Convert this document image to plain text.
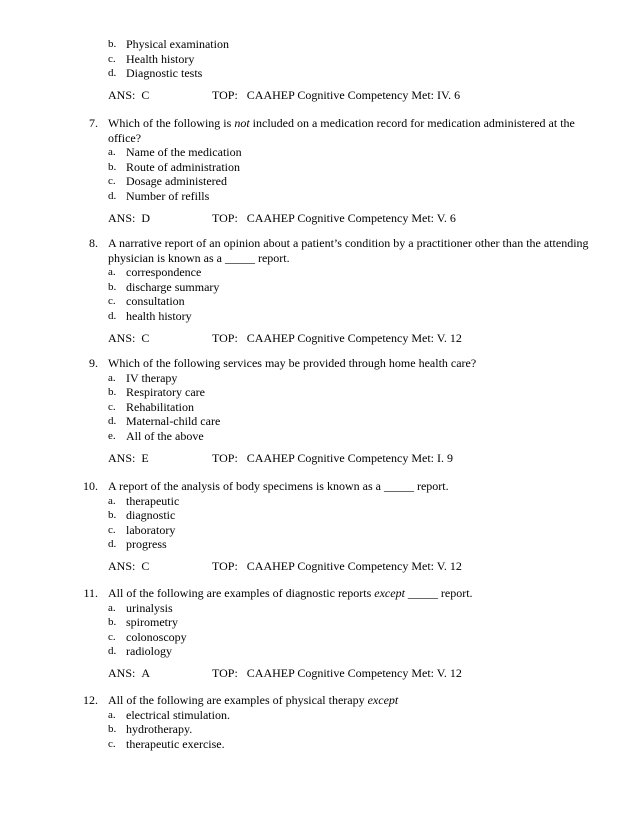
b. Physical examination
c. Health history
d. Diagnostic tests
ANS:  C	TOP:   CAAHEP Cognitive Competency Met: IV. 6
7. Which of the following is not included on a medication record for medication administered at the office?
a. Name of the medication
b. Route of administration
c. Dosage administered
d. Number of refills
ANS:  D	TOP:   CAAHEP Cognitive Competency Met: V. 6
8. A narrative report of an opinion about a patient’s condition by a practitioner other than the attending physician is known as a _____ report.
a. correspondence
b. discharge summary
c. consultation
d. health history
ANS:  C	TOP:   CAAHEP Cognitive Competency Met: V. 12
9. Which of the following services may be provided through home health care?
a. IV therapy
b. Respiratory care
c. Rehabilitation
d. Maternal-child care
e. All of the above
ANS:  E	TOP:   CAAHEP Cognitive Competency Met: I. 9
10. A report of the analysis of body specimens is known as a _____ report.
a. therapeutic
b. diagnostic
c. laboratory
d. progress
ANS:  C	TOP:   CAAHEP Cognitive Competency Met: V. 12
11. All of the following are examples of diagnostic reports except _____ report.
a. urinalysis
b. spirometry
c. colonoscopy
d. radiology
ANS:  A	TOP:   CAAHEP Cognitive Competency Met: V. 12
12. All of the following are examples of physical therapy except
a. electrical stimulation.
b. hydrotherapy.
c. therapeutic exercise.
